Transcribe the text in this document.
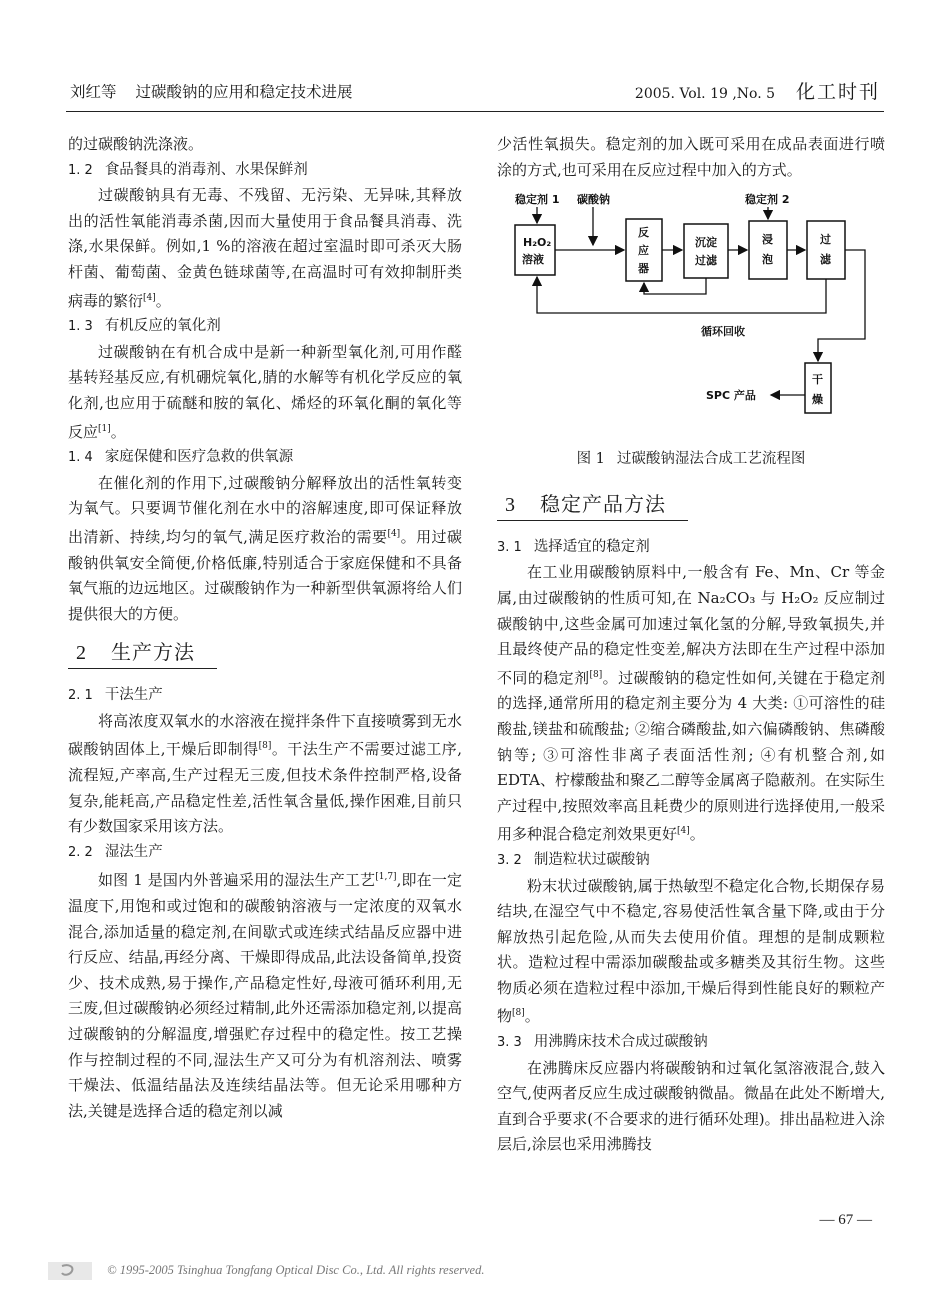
刘红等 过碳酸钠的应用和稳定技术进展	2005. Vol. 19 ,No. 5 化工时刊

的过碳酸钠洗涤液。

1. 2 食品餐具的消毒剂、水果保鲜剂

过碳酸钠具有无毒、不残留、无污染、无异味,其释放出的活性氧能消毒杀菌,因而大量使用于食品餐具消毒、洗涤,水果保鲜。例如,1 %的溶液在超过室温时即可杀灭大肠杆菌、葡萄菌、金黄色链球菌等,在高温时可有效抑制肝类病毒的繁衍[4]。

1. 3 有机反应的氧化剂

过碳酸钠在有机合成中是新一种新型氧化剂,可用作醛基转羟基反应,有机硼烷氧化,腈的水解等有机化学反应的氧化剂,也应用于硫醚和胺的氧化、烯烃的环氧化酮的氧化等反应[1]。

1. 4 家庭保健和医疗急救的供氧源

在催化剂的作用下,过碳酸钠分解释放出的活性氧转变为氧气。只要调节催化剂在水中的溶解速度,即可保证释放出清新、持续,均匀的氧气,满足医疗救治的需要[4]。用过碳酸钠供氧安全简便,价格低廉,特别适合于家庭保健和不具备氧气瓶的边远地区。过碳酸钠作为一种新型供氧源将给人们提供很大的方便。

2 生产方法

2. 1 干法生产

将高浓度双氧水的水溶液在搅拌条件下直接喷雾到无水碳酸钠固体上,干燥后即制得[8]。干法生产不需要过滤工序,流程短,产率高,生产过程无三废,但技术条件控制严格,设备复杂,能耗高,产品稳定性差,活性氧含量低,操作困难,目前只有少数国家采用该方法。

2. 2 湿法生产

如图 1 是国内外普遍采用的湿法生产工艺[1,7],即在一定温度下,用饱和或过饱和的碳酸钠溶液与一定浓度的双氧水混合,添加适量的稳定剂,在间歇式或连续式结晶反应器中进行反应、结晶,再经分离、干燥即得成品,此法设备简单,投资少、技术成熟,易于操作,产品稳定性好,母液可循环利用,无三废,但过碳酸钠必须经过精制,此外还需添加稳定剂,以提高过碳酸钠的分解温度,增强贮存过程中的稳定性。按工艺操作与控制过程的不同,湿法生产又可分为有机溶剂法、喷雾干燥法、低温结晶法及连续结晶法等。但无论采用哪种方法,关键是选择合适的稳定剂以减

少活性氧损失。稳定剂的加入既可采用在成品表面进行喷涂的方式,也可采用在反应过程中加入的方式。

稳定剂 1 碳酸钠	稳定剂 2
H₂O₂
溶液
反
应
器
沉淀
过滤
浸
泡
过
滤
干
燥
循环回收
SPC 产品

图 1 过碳酸钠湿法合成工艺流程图

3 稳定产品方法

3. 1 选择适宜的稳定剂

在工业用碳酸钠原料中,一般含有 Fe、Mn、Cr 等金属,由过碳酸钠的性质可知,在 Na₂CO₃ 与 H₂O₂ 反应制过碳酸钠中,这些金属可加速过氧化氢的分解,导致氧损失,并且最终使产品的稳定性变差,解决方法即在生产过程中添加不同的稳定剂[8]。过碳酸钠的稳定性如何,关键在于稳定剂的选择,通常所用的稳定剂主要分为 4 大类: ①可溶性的硅酸盐,镁盐和硫酸盐; ②缩合磷酸盐,如六偏磷酸钠、焦磷酸钠等; ③可溶性非离子表面活性剂; ④有机整合剂,如 EDTA、柠檬酸盐和聚乙二醇等金属离子隐蔽剂。在实际生产过程中,按照效率高且耗费少的原则进行选择使用,一般采用多种混合稳定剂效果更好[4]。

3. 2 制造粒状过碳酸钠

粉末状过碳酸钠,属于热敏型不稳定化合物,长期保存易结块,在湿空气中不稳定,容易使活性氧含量下降,或由于分解放热引起危险,从而失去使用价值。理想的是制成颗粒状。造粒过程中需添加碳酸盐或多糖类及其衍生物。这些物质必须在造粒过程中添加,干燥后得到性能良好的颗粒产物[8]。

3. 3 用沸腾床技术合成过碳酸钠

在沸腾床反应器内将碳酸钠和过氧化氢溶液混合,鼓入空气,使两者反应生成过碳酸钠微晶。微晶在此处不断增大,直到合乎要求(不合要求的进行循环处理)。排出晶粒进入涂层后,涂层也采用沸腾技

— 67 —
© 1995-2005 Tsinghua Tongfang Optical Disc Co., Ltd. All rights reserved.
